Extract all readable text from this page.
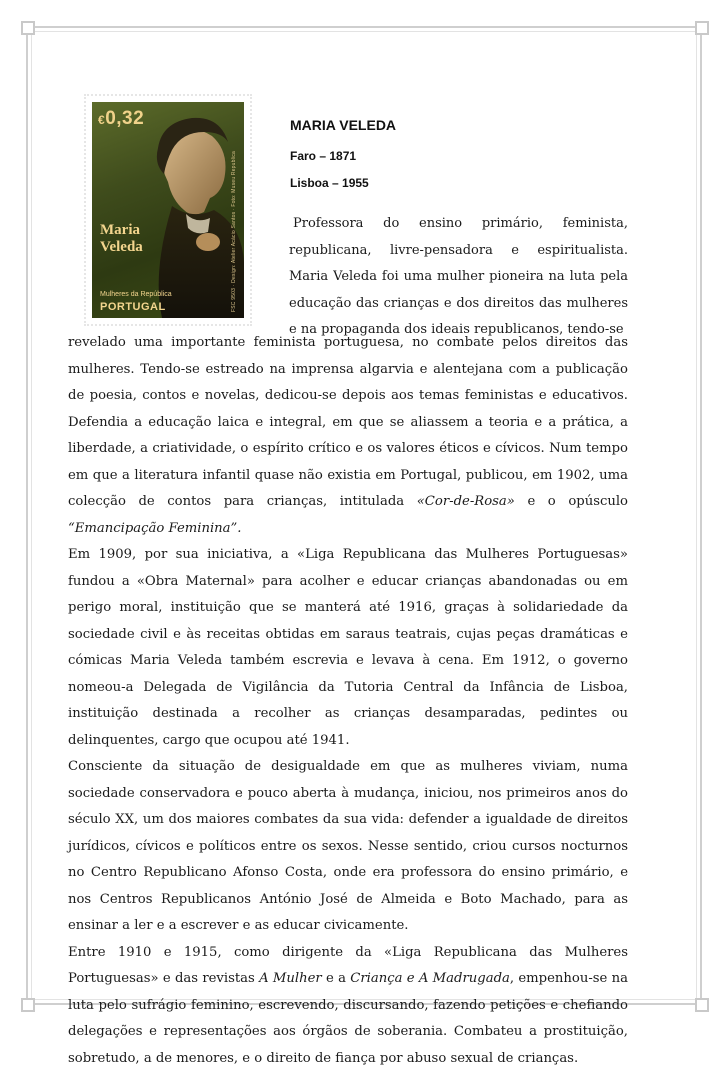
€0,32
Maria Veleda
Mulheres da República
PORTUGAL	FSC 9503 · Design: Atelier Acácio Santos · Foto: Museu Republica
MARIA VELEDA
Faro – 1871
Lisboa – 1955
Professora do ensino primário, feminista, republicana, livre-pensadora e espiritualista. Maria Veleda foi uma mulher pioneira na luta pela educação das crianças e dos direitos das mulheres e na propaganda dos ideais republicanos, tendo-se

revelado uma importante feminista portuguesa, no combate pelos direitos das mulheres. Tendo-se estreado na imprensa algarvia e alentejana com a publicação de poesia, contos e novelas, dedicou-se depois aos temas feministas e educativos. Defendia a educação laica e integral, em que se aliassem a teoria e a prática, a liberdade, a criatividade, o espírito crítico e os valores éticos e cívicos. Num tempo em que a literatura infantil quase não existia em Portugal, publicou, em 1902, uma colecção de contos para crianças, intitulada «Cor-de-Rosa» e o opúsculo “Emancipação Feminina”.

Em 1909, por sua iniciativa, a «Liga Republicana das Mulheres Portuguesas» fundou a «Obra Maternal» para acolher e educar crianças abandonadas ou em perigo moral, instituição que se manterá até 1916, graças à solidariedade da sociedade civil e às receitas obtidas em saraus teatrais, cujas peças dramáticas e cómicas Maria Veleda também escrevia e levava à cena. Em 1912, o governo nomeou-a Delegada de Vigilância da Tutoria Central da Infância de Lisboa, instituição destinada a recolher as crianças desamparadas, pedintes ou delinquentes, cargo que ocupou até 1941.

Consciente da situação de desigualdade em que as mulheres viviam, numa sociedade conservadora e pouco aberta à mudança, iniciou, nos primeiros anos do século XX, um dos maiores combates da sua vida: defender a igualdade de direitos jurídicos, cívicos e políticos entre os sexos. Nesse sentido, criou cursos nocturnos no Centro Republicano Afonso Costa, onde era professora do ensino primário, e nos Centros Republicanos António José de Almeida e Boto Machado, para as ensinar a ler e a escrever e as educar civicamente.

Entre 1910 e 1915, como dirigente da «Liga Republicana das Mulheres Portuguesas» e das revistas A Mulher e a Criança e A Madrugada, empenhou-se na luta pelo sufrágio feminino, escrevendo, discursando, fazendo petições e chefiando delegações e representações aos órgãos de soberania. Combateu a prostituição, sobretudo, a de menores, e o direito de fiança por abuso sexual de crianças.
